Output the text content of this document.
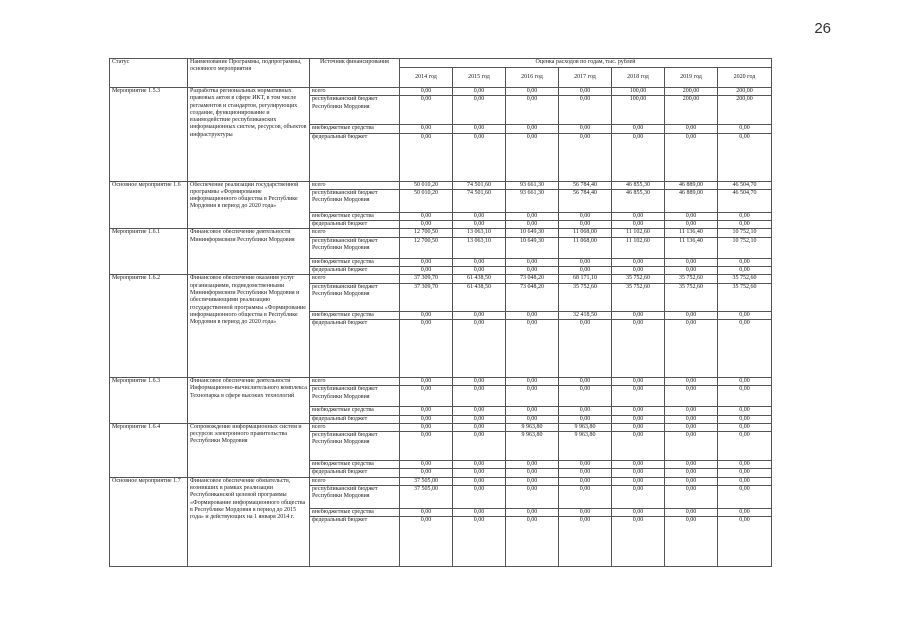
26
Статус	Наименование Программы, подпрограммы, основного мероприятия	Источник финансирования	Оценка расходов по годам, тыс. рублей						
			2014 год	2015 год	2016 год	2017 год	2018 год	2019 год	2020 год
Мероприятие 1.5.3	Разработка региональных нормативных правовых актов в сфере ИКТ, в том числе регламентов и стандартов, регулирующих создание, функционирование и взаимодействие республиканских информационных систем, ресурсов, объектов инфраструктуры	всего	0,00	0,00	0,00	0,00	100,00	200,00	200,00
		республиканский бюджет Республики Мордовия	0,00	0,00	0,00	0,00	100,00	200,00	200,00
		внебюджетные средства	0,00	0,00	0,00	0,00	0,00	0,00	0,00
		федеральный бюджет	0,00	0,00	0,00	0,00	0,00	0,00	0,00
Основное мероприятие 1.6	Обеспечение реализации государственной программы «Формирование информационного общества в Республике Мордовия в период до 2020 года»	всего	50 010,20	74 501,60	93 661,30	56 784,40	46 855,30	46 889,00	46 504,70
		республиканский бюджет Республики Мордовия	50 010,20	74 501,60	93 661,30	56 784,40	46 855,30	46 889,00	46 504,70
		внебюджетные средства	0,00	0,00	0,00	0,00	0,00	0,00	0,00
		федеральный бюджет	0,00	0,00	0,00	0,00	0,00	0,00	0,00
Мероприятие 1.6.1	Финансовое обеспечение деятельности Мининформсвязи Республики Мордовия	всего	12 700,50	13 063,10	10 649,30	11 068,00	11 102,60	11 136,40	10 752,10
		республиканский бюджет Республики Мордовия	12 700,50	13 063,10	10 649,30	11 068,00	11 102,60	11 136,40	10 752,10
		внебюджетные средства	0,00	0,00	0,00	0,00	0,00	0,00	0,00
		федеральный бюджет	0,00	0,00	0,00	0,00	0,00	0,00	0,00
Мероприятие 1.6.2	Финансовое обеспечение оказания услуг организациями, подведомственными Мининформсвязи Республики Мордовия и обеспечивающими реализацию государственной программы «Формирование информационного общества в Республике Мордовия в период до 2020 года»	всего	37 309,70	61 438,50	73 048,20	68 171,10	35 752,60	35 752,60	35 752,60
		республиканский бюджет Республики Мордовия	37 309,70	61 438,50	73 048,20	35 752,60	35 752,60	35 752,60	35 752,60
		внебюджетные средства	0,00	0,00	0,00	32 418,50	0,00	0,00	0,00
		федеральный бюджет	0,00	0,00	0,00	0,00	0,00	0,00	0,00
Мероприятие 1.6.3	Финансовое обеспечение деятельности Информационно-вычислительного комплекса Технопарка в сфере высоких технологий	всего	0,00	0,00	0,00	0,00	0,00	0,00	0,00
		республиканский бюджет Республики Мордовия	0,00	0,00	0,00	0,00	0,00	0,00	0,00
		внебюджетные средства	0,00	0,00	0,00	0,00	0,00	0,00	0,00
		федеральный бюджет	0,00	0,00	0,00	0,00	0,00	0,00	0,00
Мероприятие 1.6.4	Сопровождение информационных систем и ресурсов электронного правительства Республики Мордовия	всего	0,00	0,00	9 963,80	9 963,80	0,00	0,00	0,00
		республиканский бюджет Республики Мордовия	0,00	0,00	9 963,80	9 963,80	0,00	0,00	0,00
		внебюджетные средства	0,00	0,00	0,00	0,00	0,00	0,00	0,00
		федеральный бюджет	0,00	0,00	0,00	0,00	0,00	0,00	0,00
Основное мероприятие 1.7	Финансовое обеспечение обязательств, возникших в рамках реализации Республиканской целевой программы «Формирование информационного общества в Республике Мордовия в период до 2015 года» и действующих на 1 января 2014 г.	всего	37 505,00	0,00	0,00	0,00	0,00	0,00	0,00
		республиканский бюджет Республики Мордовия	37 505,00	0,00	0,00	0,00	0,00	0,00	0,00
		внебюджетные средства	0,00	0,00	0,00	0,00	0,00	0,00	0,00
		федеральный бюджет	0,00	0,00	0,00	0,00	0,00	0,00	0,00
